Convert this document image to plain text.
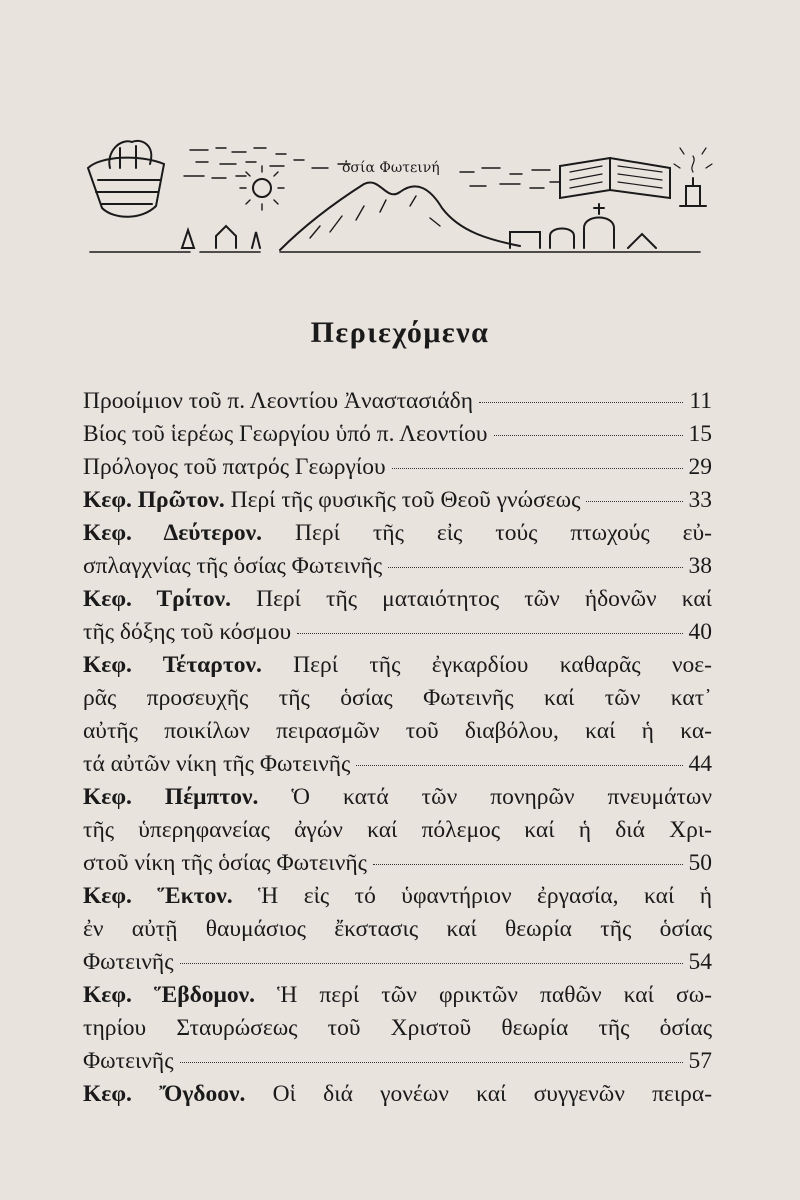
ὁσία Φωτεινή
Περιεχόμενα
Προοίμιον τοῦ π. Λεοντίου Ἀναστασιάδη	11
Βίος τοῦ ἱερέως Γεωργίου ὑπό π. Λεοντίου	15
Πρόλογος τοῦ πατρός Γεωργίου	29
Κεφ. Πρῶτον. Περί τῆς φυσικῆς τοῦ Θεοῦ γνώσεως	33
Κεφ. Δεύτερον. Περί τῆς εἰς τούς πτωχούς εὐ-
σπλαγχνίας τῆς ὁσίας Φωτεινῆς	38
Κεφ. Τρίτον. Περί τῆς ματαιότητος τῶν ἡδονῶν καί
τῆς δόξης τοῦ κόσμου	40
Κεφ. Τέταρτον. Περί τῆς ἐγκαρδίου καθαρᾶς νοε-
ρᾶς προσευχῆς τῆς ὁσίας Φωτεινῆς καί τῶν κατ᾽
αὐτῆς ποικίλων πειρασμῶν τοῦ διαβόλου, καί ἡ κα-
τά αὐτῶν νίκη τῆς Φωτεινῆς	44
Κεφ. Πέμπτον. Ὁ κατά τῶν πονηρῶν πνευμάτων
τῆς ὑπερηφανείας ἀγών καί πόλεμος καί ἡ διά Χρι-
στοῦ νίκη τῆς ὁσίας Φωτεινῆς	50
Κεφ. Ἕκτον. Ἡ εἰς τό ὑφαντήριον ἐργασία, καί ἡ
ἐν αὐτῇ θαυμάσιος ἔκστασις καί θεωρία τῆς ὁσίας
Φωτεινῆς	54
Κεφ. Ἕβδομον. Ἡ περί τῶν φρικτῶν παθῶν καί σω-
τηρίου Σταυρώσεως τοῦ Χριστοῦ θεωρία τῆς ὁσίας
Φωτεινῆς	57
Κεφ. Ὄγδοον. Οἱ διά γονέων καί συγγενῶν πειρα-
